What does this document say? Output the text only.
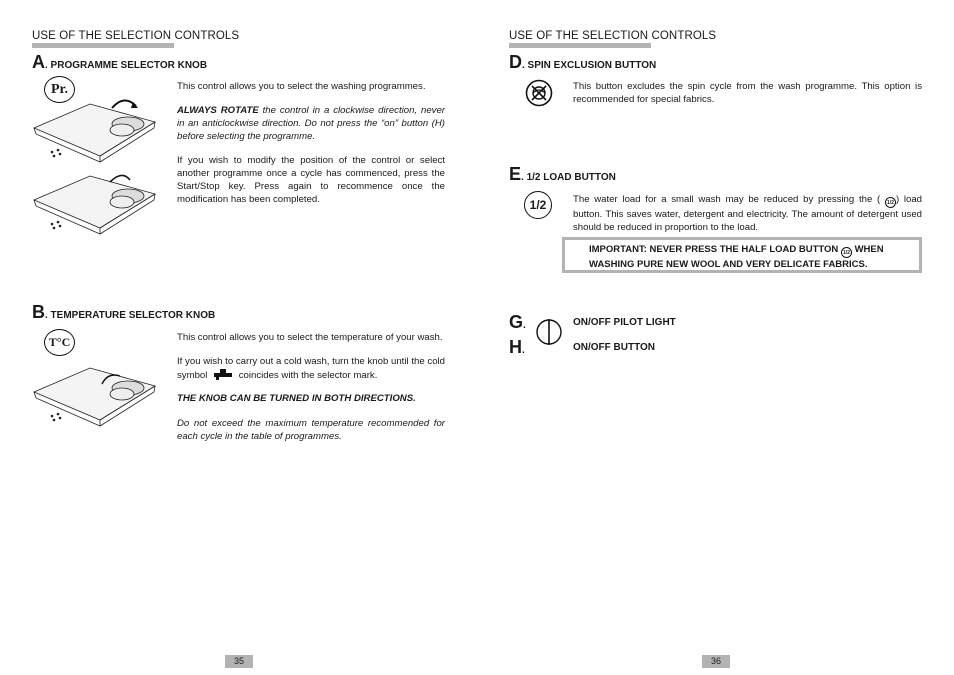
USE OF THE SELECTION CONTROLS
A. PROGRAMME SELECTOR KNOB
Pr.	This control allows you to select the washing programmes.
ALWAYS ROTATE the control in a clockwise direction, never in an anticlockwise direction. Do not press the “on” button (H) before selecting the programme.
If you wish to modify the position of the control or select another programme once a cycle has commenced, press the Start/Stop key. Press again to recommence once the modification has been completed.
B. TEMPERATURE SELECTOR KNOB
T°C	This control allows you to select the temperature of your wash.
If you wish to carry out a cold wash, turn the knob until the cold symbol	coincides with the selector mark.
THE KNOB CAN BE TURNED IN BOTH DIRECTIONS.
Do not exceed the maximum temperature recommended for each cycle in the table of programmes.
35
USE OF THE SELECTION CONTROLS
D. SPIN EXCLUSION BUTTON
This button excludes the spin cycle from the wash programme. This option is recommended for special fabrics.
E. 1/2 LOAD BUTTON
1/2	The water load for a small wash may be reduced by pressing the ( 1/2 ) load button. This saves water, detergent and electricity. The amount of detergent used should be reduced in proportion to the load.
IMPORTANT: NEVER PRESS THE HALF LOAD BUTTON 1/2 WHEN WASHING PURE NEW WOOL AND VERY DELICATE FABRICS.
G.
H.
ON/OFF PILOT LIGHT
ON/OFF BUTTON
36
